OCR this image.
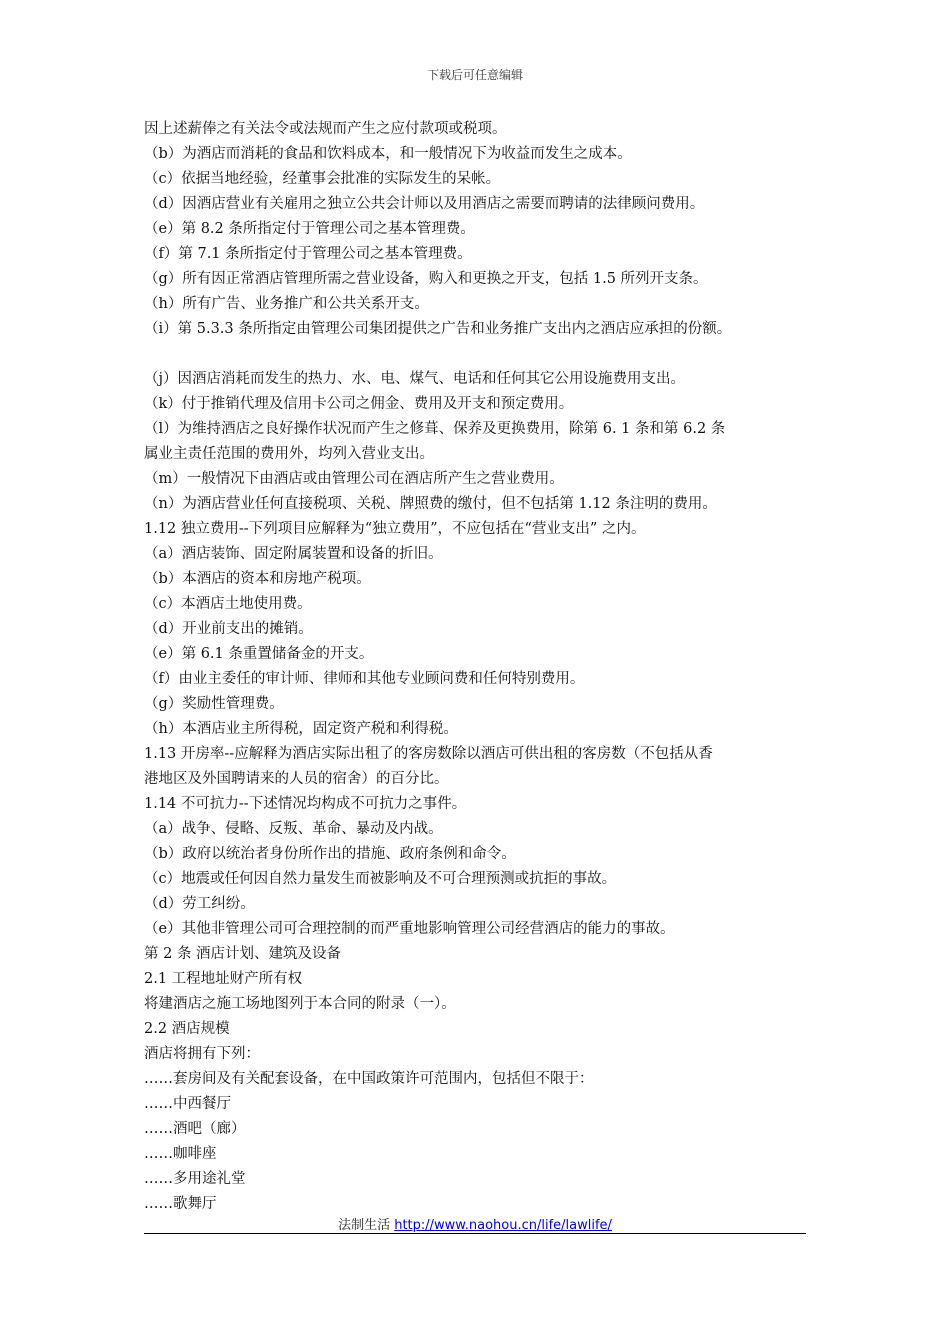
下载后可任意编辑
因上述薪俸之有关法令或法规而产生之应付款项或税项。
（b）为酒店而消耗的食品和饮料成本，和一般情况下为收益而发生之成本。
（c）依据当地经验，经董事会批准的实际发生的呆帐。
（d）因酒店营业有关雇用之独立公共会计师以及用酒店之需要而聘请的法律顾问费用。
（e）第 8.2 条所指定付于管理公司之基本管理费。
（f）第 7.1 条所指定付于管理公司之基本管理费。
（g）所有因正常酒店管理所需之营业设备，购入和更换之开支，包括 1.5 所列开支条。
（h）所有广告、业务推广和公共关系开支。
（i）第 5.3.3 条所指定由管理公司集团提供之广告和业务推广支出内之酒店应承担的份额。
（j）因酒店消耗而发生的热力、水、电、煤气、电话和任何其它公用设施费用支出。
（k）付于推销代理及信用卡公司之佣金、费用及开支和预定费用。
（l）为维持酒店之良好操作状况而产生之修葺、保养及更换费用，除第 6. 1 条和第 6.2 条
属业主责任范围的费用外，均列入营业支出。
（m）一般情况下由酒店或由管理公司在酒店所产生之营业费用。
（n）为酒店营业任何直接税项、关税、牌照费的缴付，但不包括第 1.12 条注明的费用。
1.12 独立费用--下列项目应解释为“独立费用”，不应包括在“营业支出” 之内。
（a）酒店装饰、固定附属装置和设备的折旧。
（b）本酒店的资本和房地产税项。
（c）本酒店土地使用费。
（d）开业前支出的摊销。
（e）第 6.1 条重置储备金的开支。
（f）由业主委任的审计师、律师和其他专业顾问费和任何特别费用。
（g）奖励性管理费。
（h）本酒店业主所得税，固定资产税和利得税。
1.13 开房率--应解释为酒店实际出租了的客房数除以酒店可供出租的客房数（不包括从香
港地区及外国聘请来的人员的宿舍）的百分比。
1.14 不可抗力--下述情况均构成不可抗力之事件。
（a）战争、侵略、反叛、革命、暴动及内战。
（b）政府以统治者身份所作出的措施、政府条例和命令。
（c）地震或任何因自然力量发生而被影响及不可合理预测或抗拒的事故。
（d）劳工纠纷。
（e）其他非管理公司可合理控制的而严重地影响管理公司经营酒店的能力的事故。
第 2 条 酒店计划、建筑及设备
2.1 工程地址财产所有权
将建酒店之施工场地图列于本合同的附录（一）。
2.2 酒店规模
酒店将拥有下列：
……套房间及有关配套设备，在中国政策许可范围内，包括但不限于：
……中西餐厅
……酒吧（廊）
……咖啡座
……多用途礼堂
……歌舞厅
法制生活 http://www.naohou.cn/life/lawlife/
